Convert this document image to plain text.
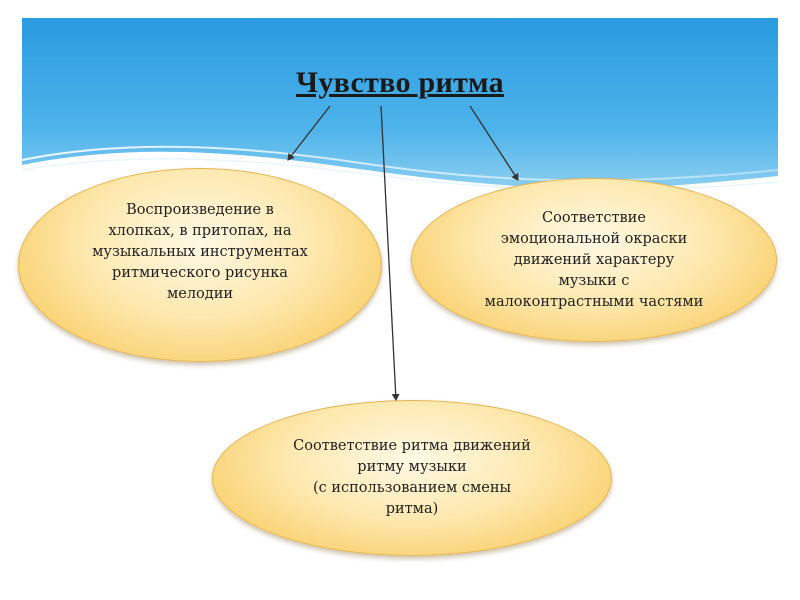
Чувство ритма
Воспроизведение в
хлопках, в притопах, на
музыкальных инструментах
ритмического рисунка
мелодии
Соответствие
эмоциональной окраски
движений характеру
музыки с
малоконтрастными частями
Соответствие ритма движений
ритму музыки
(с использованием смены
ритма)
